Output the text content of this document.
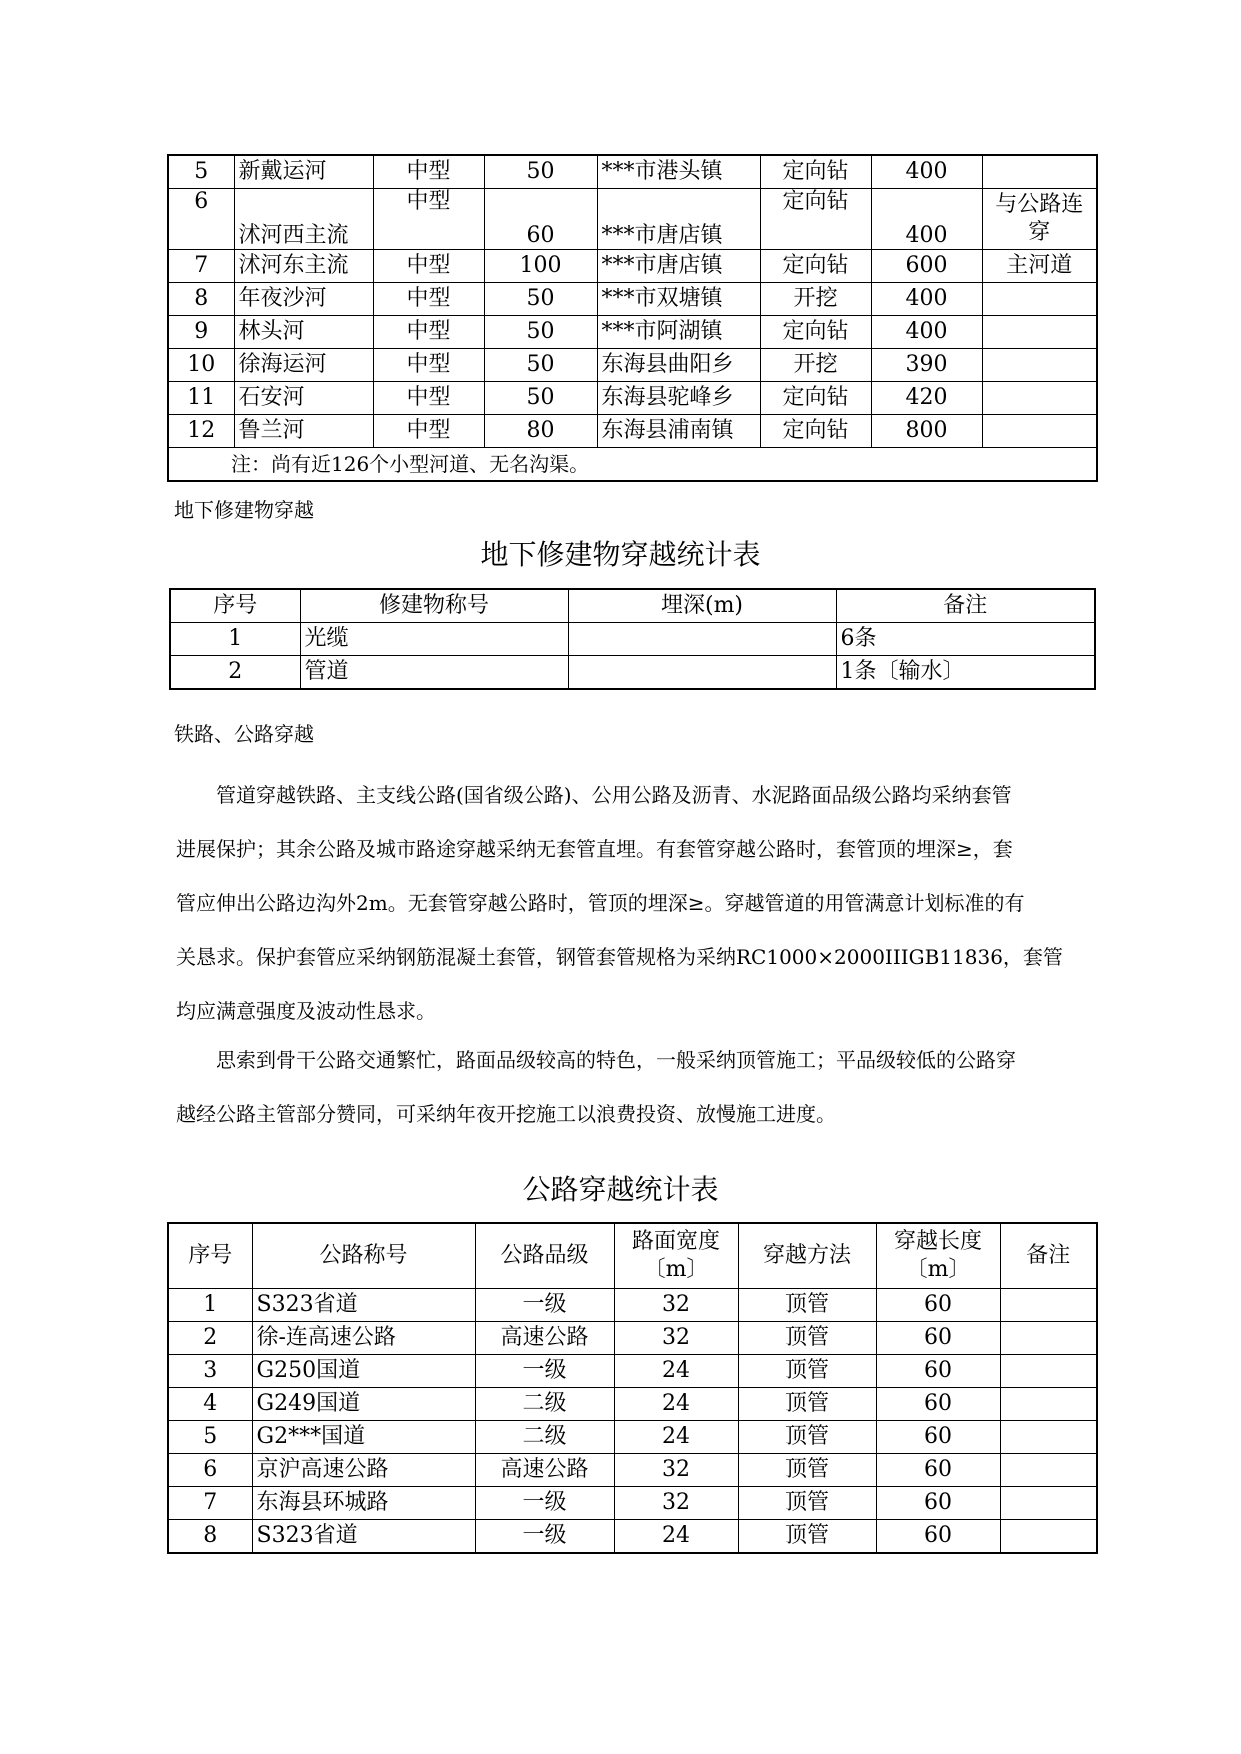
5	新戴运河	中型	50	***市港头镇	定向钻	400	
6	沭河西主流	中型	60	***市唐店镇	定向钻	400	与公路连穿
7	沭河东主流	中型	100	***市唐店镇	定向钻	600	主河道
8	年夜沙河	中型	50	***市双塘镇	开挖	400	
9	林头河	中型	50	***市阿湖镇	定向钻	400	
10	徐海运河	中型	50	东海县曲阳乡	开挖	390	
11	石安河	中型	50	东海县驼峰乡	定向钻	420	
12	鲁兰河	中型	80	东海县浦南镇	定向钻	800	
注：尚有近126个小型河道、无名沟渠。							
地下修建物穿越
地下修建物穿越统计表
序号	修建物称号	埋深(m)	备注
1	光缆		6条
2	管道		1条〔输水〕
铁路、公路穿越
管道穿越铁路、主支线公路(国省级公路)、公用公路及沥青、水泥路面品级公路均采纳套管
进展保护；其余公路及城市路途穿越采纳无套管直埋。有套管穿越公路时，套管顶的埋深≥，套
管应伸出公路边沟外2m。无套管穿越公路时，管顶的埋深≥。穿越管道的用管满意计划标准的有
关恳求。保护套管应采纳钢筋混凝土套管，钢管套管规格为采纳RC1000×2000IIIGB11836，套管
均应满意强度及波动性恳求。
思索到骨干公路交通繁忙，路面品级较高的特色，一般采纳顶管施工；平品级较低的公路穿
越经公路主管部分赞同，可采纳年夜开挖施工以浪费投资、放慢施工进度。
公路穿越统计表
序号	公路称号	公路品级	路面宽度〔m〕	穿越方法	穿越长度〔m〕	备注
1	S323省道	一级	32	顶管	60	
2	徐-连高速公路	高速公路	32	顶管	60	
3	G250国道	一级	24	顶管	60	
4	G249国道	二级	24	顶管	60	
5	G2***国道	二级	24	顶管	60	
6	京沪高速公路	高速公路	32	顶管	60	
7	东海县环城路	一级	32	顶管	60	
8	S323省道	一级	24	顶管	60	
